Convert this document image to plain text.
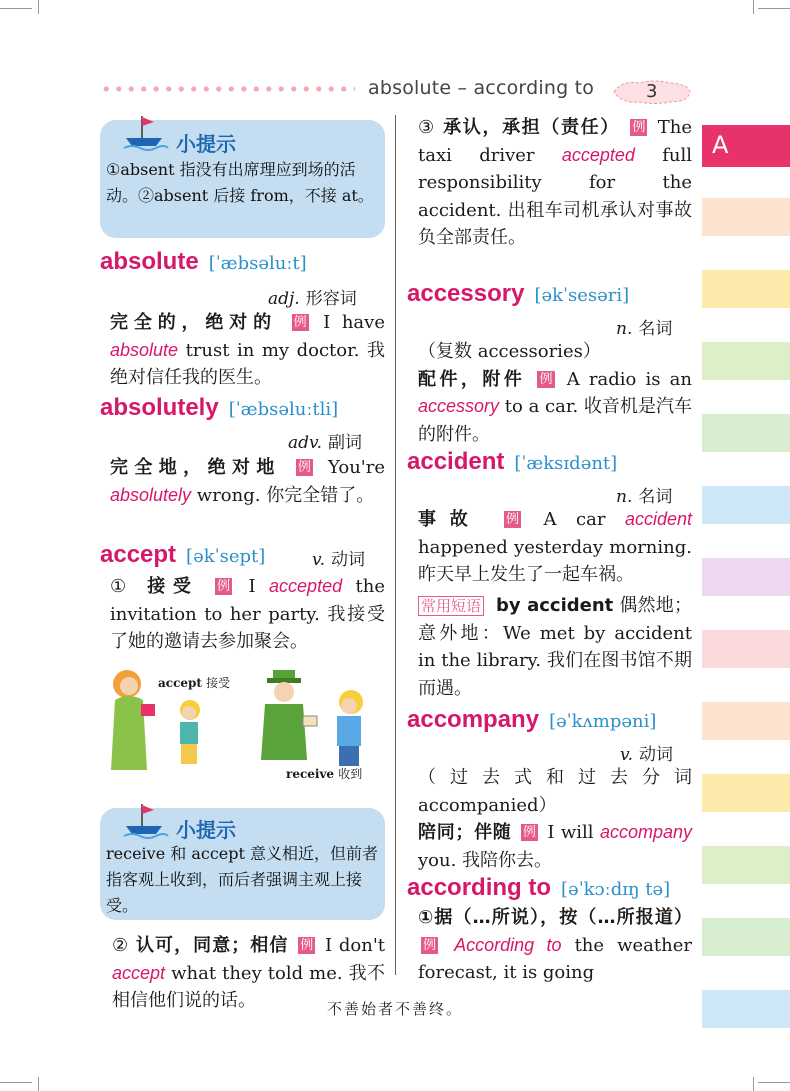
absolute – according to	3
A
小提示
①absent 指没有出席理应到场的活动。②absent 后接 from，不接 at。
absolute [ˈæbsəluːt]
adj. 形容词
完全的，绝对的 例 I have absolute trust in my doctor. 我绝对信任我的医生。
absolutely [ˈæbsəluːtli]
adv. 副词
完全地，绝对地 例 You're absolutely wrong. 你完全错了。
accept [əkˈsept]	v. 动词
① 接受 例 I accepted the invitation to her party. 我接受了她的邀请去参加聚会。
accept 接受
receive 收到
小提示
receive 和 accept 意义相近，但前者指客观上收到，而后者强调主观上接受。
② 认可，同意；相信 例 I don't accept what they told me. 我不相信他们说的话。
③ 承认，承担（责任） 例 The taxi driver accepted full responsibility for the accident. 出租车司机承认对事故负全部责任。
accessory [əkˈsesəri]
n. 名词
（复数 accessories）
配件，附件 例 A radio is an accessory to a car. 收音机是汽车的附件。
accident [ˈæksɪdənt]
n. 名词
事故 例 A car accident happened yesterday morning. 昨天早上发生了一起车祸。
常用短语 by accident 偶然地；意外地：We met by accident in the library. 我们在图书馆不期而遇。
accompany [əˈkʌmpəni]
v. 动词
（过去式和过去分词 accompanied）
陪同；伴随 例 I will accompany you. 我陪你去。
according to [əˈkɔːdɪŋ tə]
①据（…所说），按（…所报道） 例 According to the weather forecast, it is going
不善始者不善终。
